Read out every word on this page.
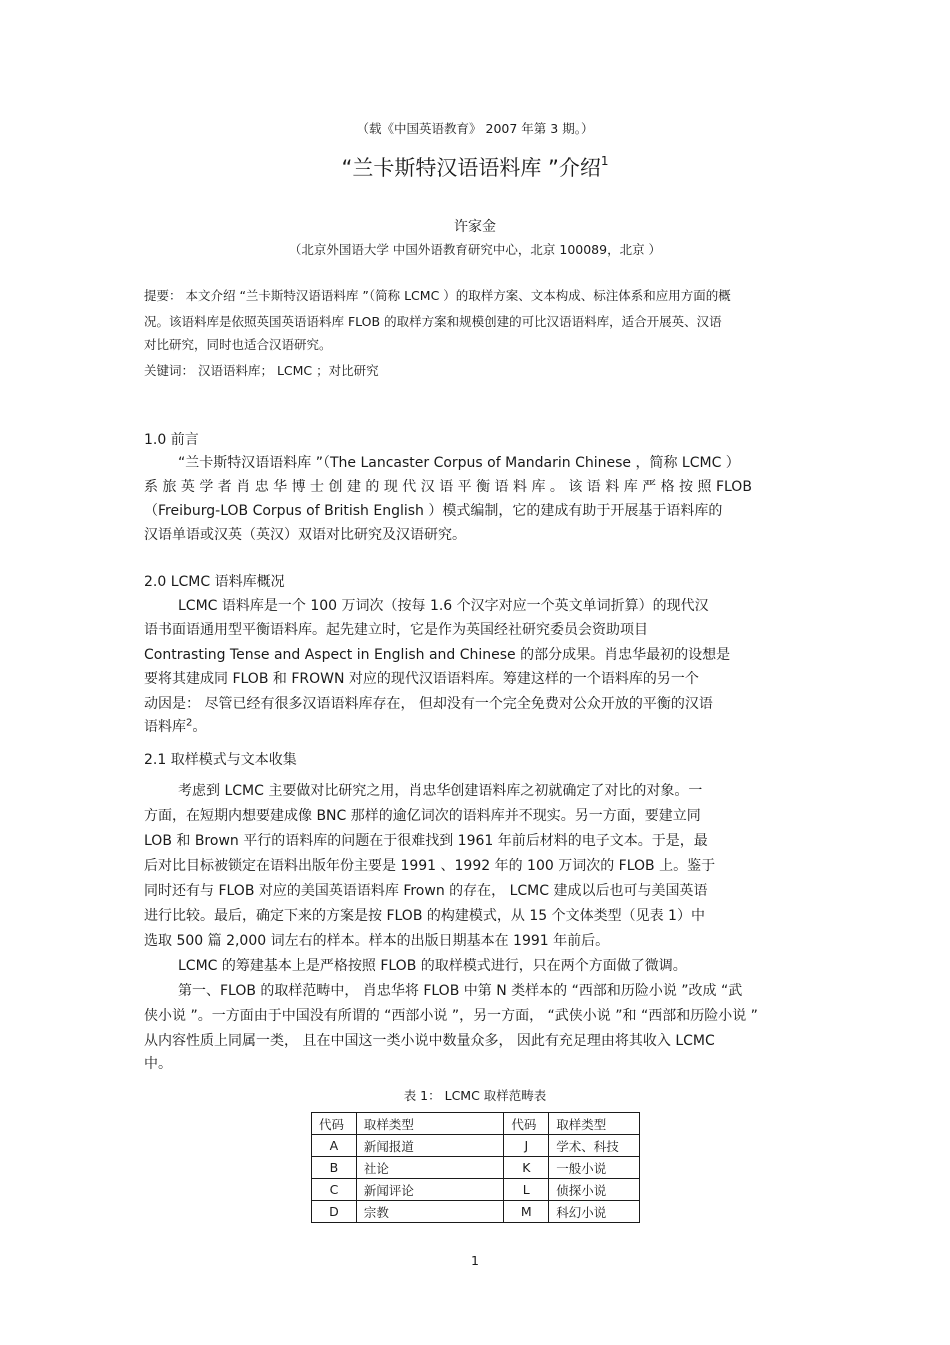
（载《中国英语教育》 2007 年第 3 期。）
“兰卡斯特汉语语料库 ”介绍$^1$
许家金
（北京外国语大学 中国外语教育研究中心，北京 100089，北京 ）
提要： 本文介绍 “兰卡斯特汉语语料库 ”（简称 LCMC ）的取样方案、文本构成、标注体系和应用方面的概
况。该语料库是依照英国英语语料库 FLOB 的取样方案和规模创建的可比汉语语料库，适合开展英、汉语
对比研究，同时也适合汉语研究。
关键词： 汉语语料库； LCMC ；对比研究
1.0 前言
“兰卡斯特汉语语料库 ”（The Lancaster Corpus of Mandarin Chinese ，简称 LCMC ）
系 旅 英 学 者 肖 忠 华 博 士 创 建 的 现 代 汉 语 平 衡 语 料 库 。 该 语 料 库 严 格 按 照 FLOB
（Freiburg-LOB Corpus of British English ）模式编制，它的建成有助于开展基于语料库的
汉语单语或汉英（英汉）双语对比研究及汉语研究。
2.0 LCMC 语料库概况
LCMC 语料库是一个 100 万词次（按每 1.6 个汉字对应一个英文单词折算）的现代汉
语书面语通用型平衡语料库。起先建立时，它是作为英国经社研究委员会资助项目
Contrasting Tense and Aspect in English and Chinese 的部分成果。肖忠华最初的设想是
要将其建成同 FLOB 和 FROWN 对应的现代汉语语料库。筹建这样的一个语料库的另一个
动因是： 尽管已经有很多汉语语料库存在， 但却没有一个完全免费对公众开放的平衡的汉语
语料库$^2$。
2.1 取样模式与文本收集
考虑到 LCMC 主要做对比研究之用，肖忠华创建语料库之初就确定了对比的对象。一
方面，在短期内想要建成像 BNC 那样的逾亿词次的语料库并不现实。另一方面，要建立同
LOB 和 Brown 平行的语料库的问题在于很难找到 1961 年前后材料的电子文本。于是，最
后对比目标被锁定在语料出版年份主要是 1991 、1992 年的 100 万词次的 FLOB 上。鉴于
同时还有与 FLOB 对应的美国英语语料库 Frown 的存在， LCMC 建成以后也可与美国英语
进行比较。最后，确定下来的方案是按 FLOB 的构建模式，从 15 个文体类型（见表 1）中
选取 500 篇 2,000 词左右的样本。样本的出版日期基本在 1991 年前后。
LCMC 的筹建基本上是严格按照 FLOB 的取样模式进行，只在两个方面做了微调。
第一、FLOB 的取样范畴中， 肖忠华将 FLOB 中第 N 类样本的 “西部和历险小说 ”改成 “武
侠小说 ”。一方面由于中国没有所谓的 “西部小说 ”，另一方面， “武侠小说 ”和 “西部和历险小说 ”
从内容性质上同属一类， 且在中国这一类小说中数量众多， 因此有充足理由将其收入 LCMC
中。
表 1： LCMC 取样范畴表
代码	取样类型	代码	取样类型
A	新闻报道	J	学术、科技
B	社论	K	一般小说
C	新闻评论	L	侦探小说
D	宗教	M	科幻小说
1
